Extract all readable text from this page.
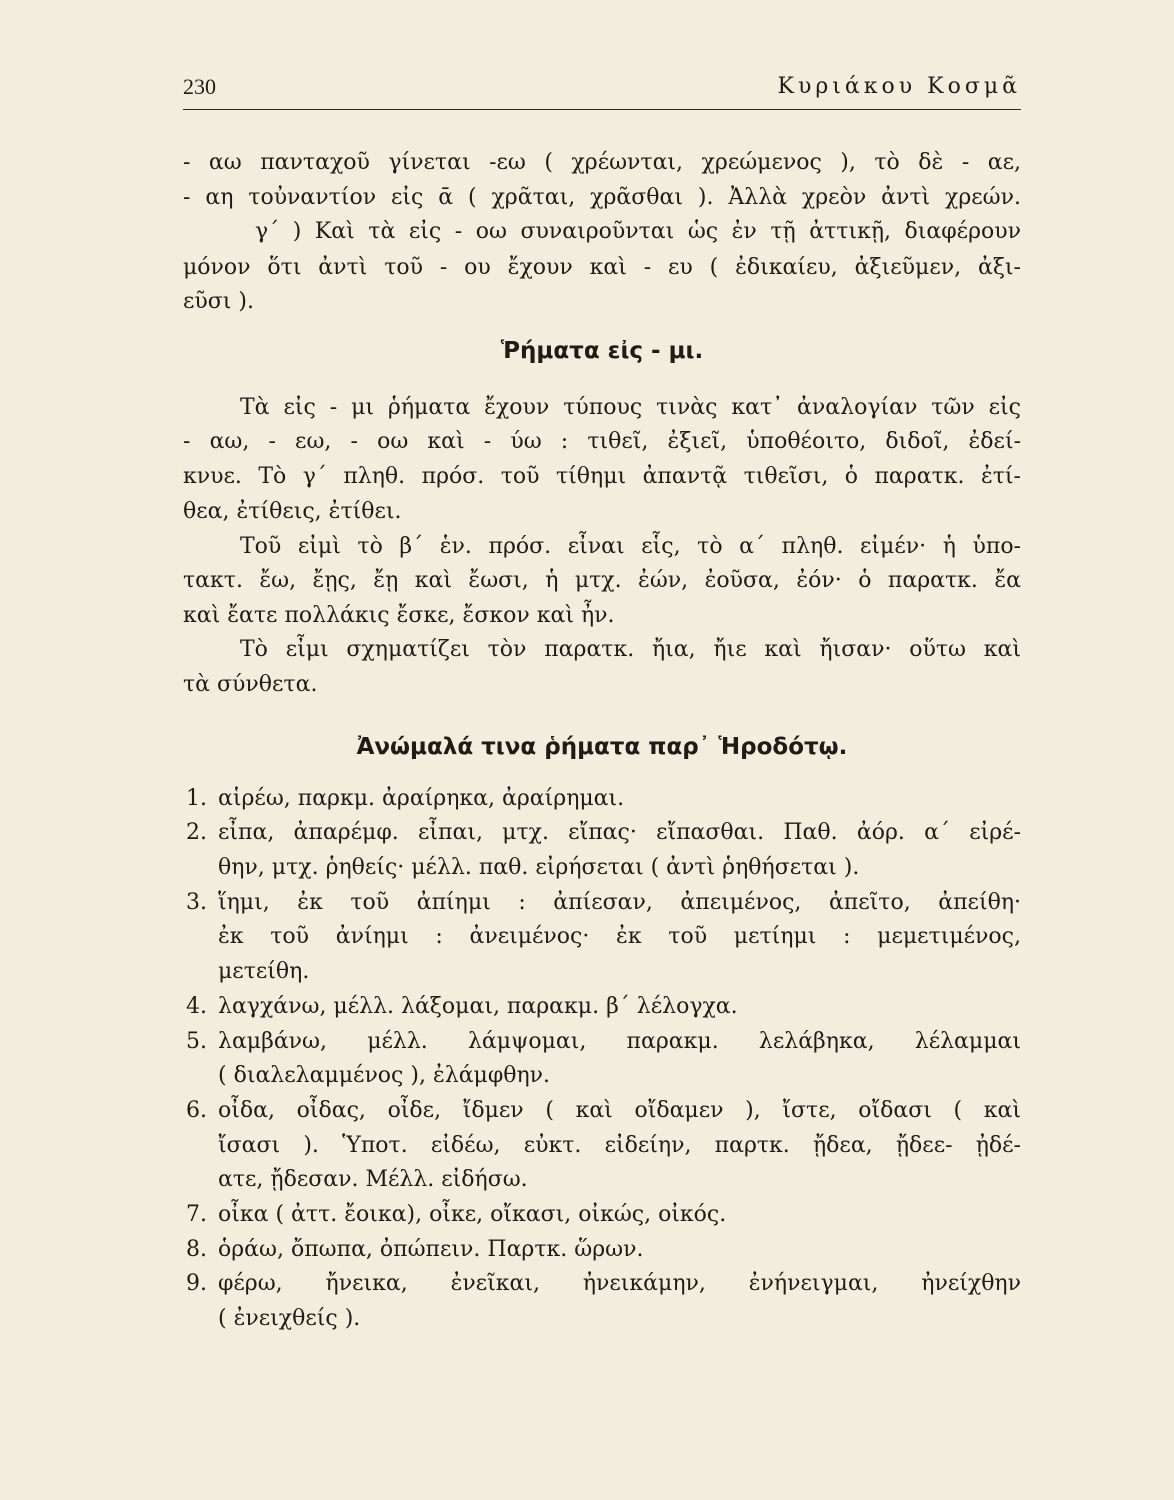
230	Κυριάκου Κοσμᾶ
- αω πανταχοῦ γίνεται -εω ( χρέωνται, χρεώμενος ), τὸ δὲ - αε,
- αη τοὐναντίον εἰς ᾱ ( χρᾶται, χρᾶσθαι ). Ἀλλὰ χρεὸν ἀντὶ χρεών.
γ΄ ) Καὶ τὰ εἰς - οω συναιροῦνται ὡς ἐν τῇ ἀττικῇ, διαφέρουν
μόνον ὅτι ἀντὶ τοῦ - ου ἔχουν καὶ - ευ ( ἐδικαίευ, ἀξιεῦμεν, ἀξι-
εῦσι ).
Ῥήματα εἰς - μι.
Τὰ εἰς - μι ῥήματα ἔχουν τύπους τινὰς κατ᾽ ἀναλογίαν τῶν εἰς
- αω, - εω, - οω καὶ - ύω : τιθεῖ, ἐξιεῖ, ὑποθέοιτο, διδοῖ, ἐδεί-
κνυε. Τὸ γ΄ πληθ. πρόσ. τοῦ τίθημι ἀπαντᾷ τιθεῖσι, ὁ παρατκ. ἐτί-
θεα, ἐτίθεις, ἐτίθει.
Τοῦ εἰμὶ τὸ β΄ ἑν. πρόσ. εἶναι εἷς, τὸ α΄ πληθ. εἰμέν· ἡ ὑπο-
τακτ. ἔω, ἔῃς, ἔῃ καὶ ἔωσι, ἡ μτχ. ἐών, ἐοῦσα, ἐόν· ὁ παρατκ. ἔα
καὶ ἔατε πολλάκις ἔσκε, ἔσκον καὶ ἦν.
Τὸ εἶμι σχηματίζει τὸν παρατκ. ἤια, ἤιε καὶ ἤισαν· οὕτω καὶ
τὰ σύνθετα.
Ἀνώμαλά τινα ῥήματα παρ᾽ Ἡροδότῳ.
1. αἱρέω, παρκμ. ἀραίρηκα, ἀραίρημαι.
2. εἶπα, ἀπαρέμφ. εἶπαι, μτχ. εἴπας· εἴπασθαι. Παθ. ἀόρ. α΄ εἰρέ-
θην, μτχ. ῥηθείς· μέλλ. παθ. εἰρήσεται ( ἀντὶ ῥηθήσεται ).
3. ἵημι, ἐκ τοῦ ἀπίημι : ἀπίεσαν, ἀπειμένος, ἀπεῖτο, ἀπείθη·
ἐκ τοῦ ἀνίημι : ἀνειμένος· ἐκ τοῦ μετίημι : μεμετιμένος,
μετείθη.
4. λαγχάνω, μέλλ. λάξομαι, παρακμ. β΄ λέλογχα.
5. λαμβάνω, μέλλ. λάμψομαι, παρακμ. λελάβηκα, λέλαμμαι
( διαλελαμμένος ), ἐλάμφθην.
6. οἶδα, οἶδας, οἶδε, ἴδμεν ( καὶ οἴδαμεν ), ἴστε, οἴδασι ( καὶ
ἴσασι ). Ὑποτ. εἰδέω, εὐκτ. εἰδείην, παρτκ. ᾔδεα, ᾔδεε- ᾐδέ-
ατε, ᾔδεσαν. Μέλλ. εἰδήσω.
7. οἶκα ( ἀττ. ἔοικα), οἶκε, οἴκασι, οἰκώς, οἰκός.
8. ὁράω, ὄπωπα, ὀπώπειν. Παρτκ. ὥρων.
9. φέρω, ἤνεικα, ἐνεῖκαι, ἠνεικάμην, ἐνήνειγμαι, ἠνείχθην
( ἐνειχθείς ).
